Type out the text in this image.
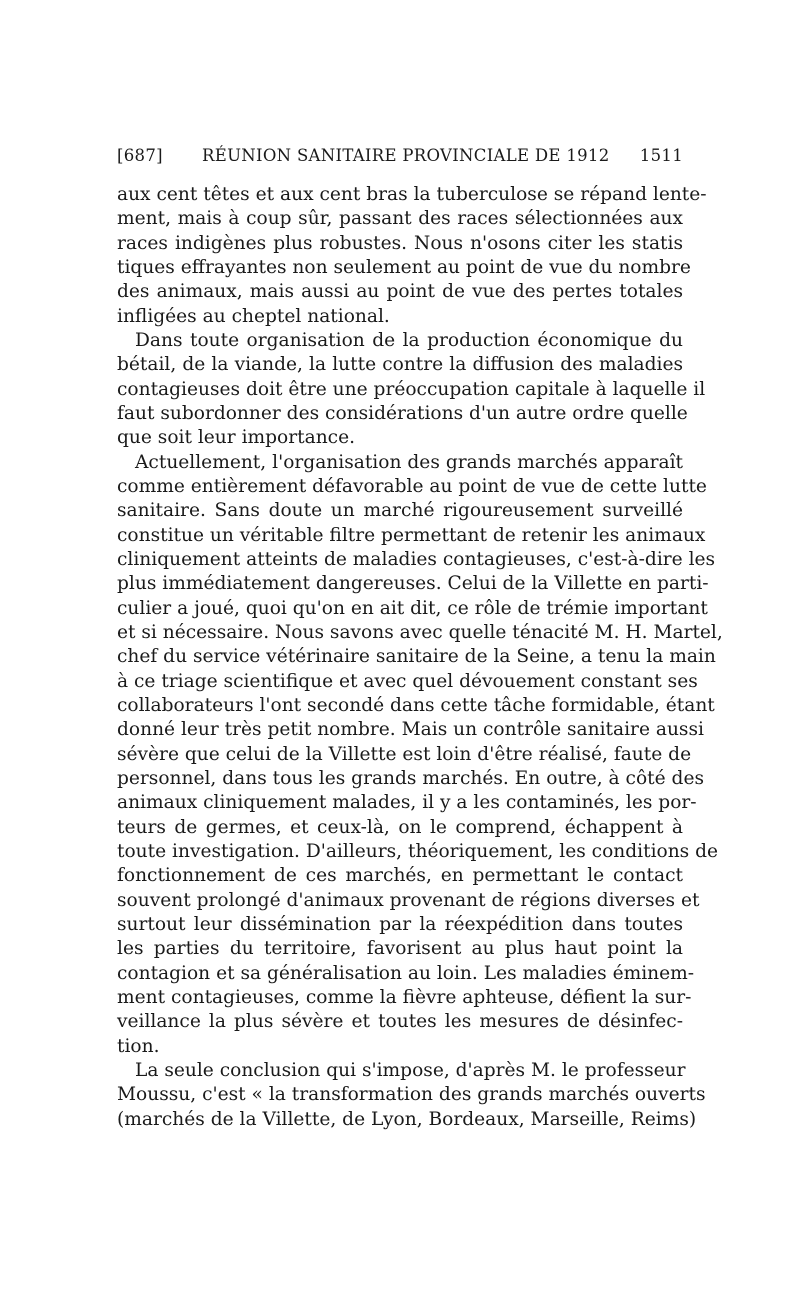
[687] RÉUNION SANITAIRE PROVINCIALE DE 1912 1511
aux cent têtes et aux cent bras la tuberculose se répand lente-
ment, mais à coup sûr, passant des races sélectionnées aux
races indigènes plus robustes. Nous n'osons citer les statis
tiques effrayantes non seulement au point de vue du nombre
des animaux, mais aussi au point de vue des pertes totales
infligées au cheptel national.
Dans toute organisation de la production économique du
bétail, de la viande, la lutte contre la diffusion des maladies
contagieuses doit être une préoccupation capitale à laquelle il
faut subordonner des considérations d'un autre ordre quelle
que soit leur importance.
Actuellement, l'organisation des grands marchés apparaît
comme entièrement défavorable au point de vue de cette lutte
sanitaire. Sans doute un marché rigoureusement surveillé
constitue un véritable filtre permettant de retenir les animaux
cliniquement atteints de maladies contagieuses, c'est-à-dire les
plus immédiatement dangereuses. Celui de la Villette en parti-
culier a joué, quoi qu'on en ait dit, ce rôle de trémie important
et si nécessaire. Nous savons avec quelle ténacité M. H. Martel,
chef du service vétérinaire sanitaire de la Seine, a tenu la main
à ce triage scientifique et avec quel dévouement constant ses
collaborateurs l'ont secondé dans cette tâche formidable, étant
donné leur très petit nombre. Mais un contrôle sanitaire aussi
sévère que celui de la Villette est loin d'être réalisé, faute de
personnel, dans tous les grands marchés. En outre, à côté des
animaux cliniquement malades, il y a les contaminés, les por-
teurs de germes, et ceux-là, on le comprend, échappent à
toute investigation. D'ailleurs, théoriquement, les conditions de
fonctionnement de ces marchés, en permettant le contact
souvent prolongé d'animaux provenant de régions diverses et
surtout leur dissémination par la réexpédition dans toutes
les parties du territoire, favorisent au plus haut point la
contagion et sa généralisation au loin. Les maladies éminem-
ment contagieuses, comme la fièvre aphteuse, défient la sur-
veillance la plus sévère et toutes les mesures de désinfec-
tion.
La seule conclusion qui s'impose, d'après M. le professeur
Moussu, c'est « la transformation des grands marchés ouverts
(marchés de la Villette, de Lyon, Bordeaux, Marseille, Reims)
